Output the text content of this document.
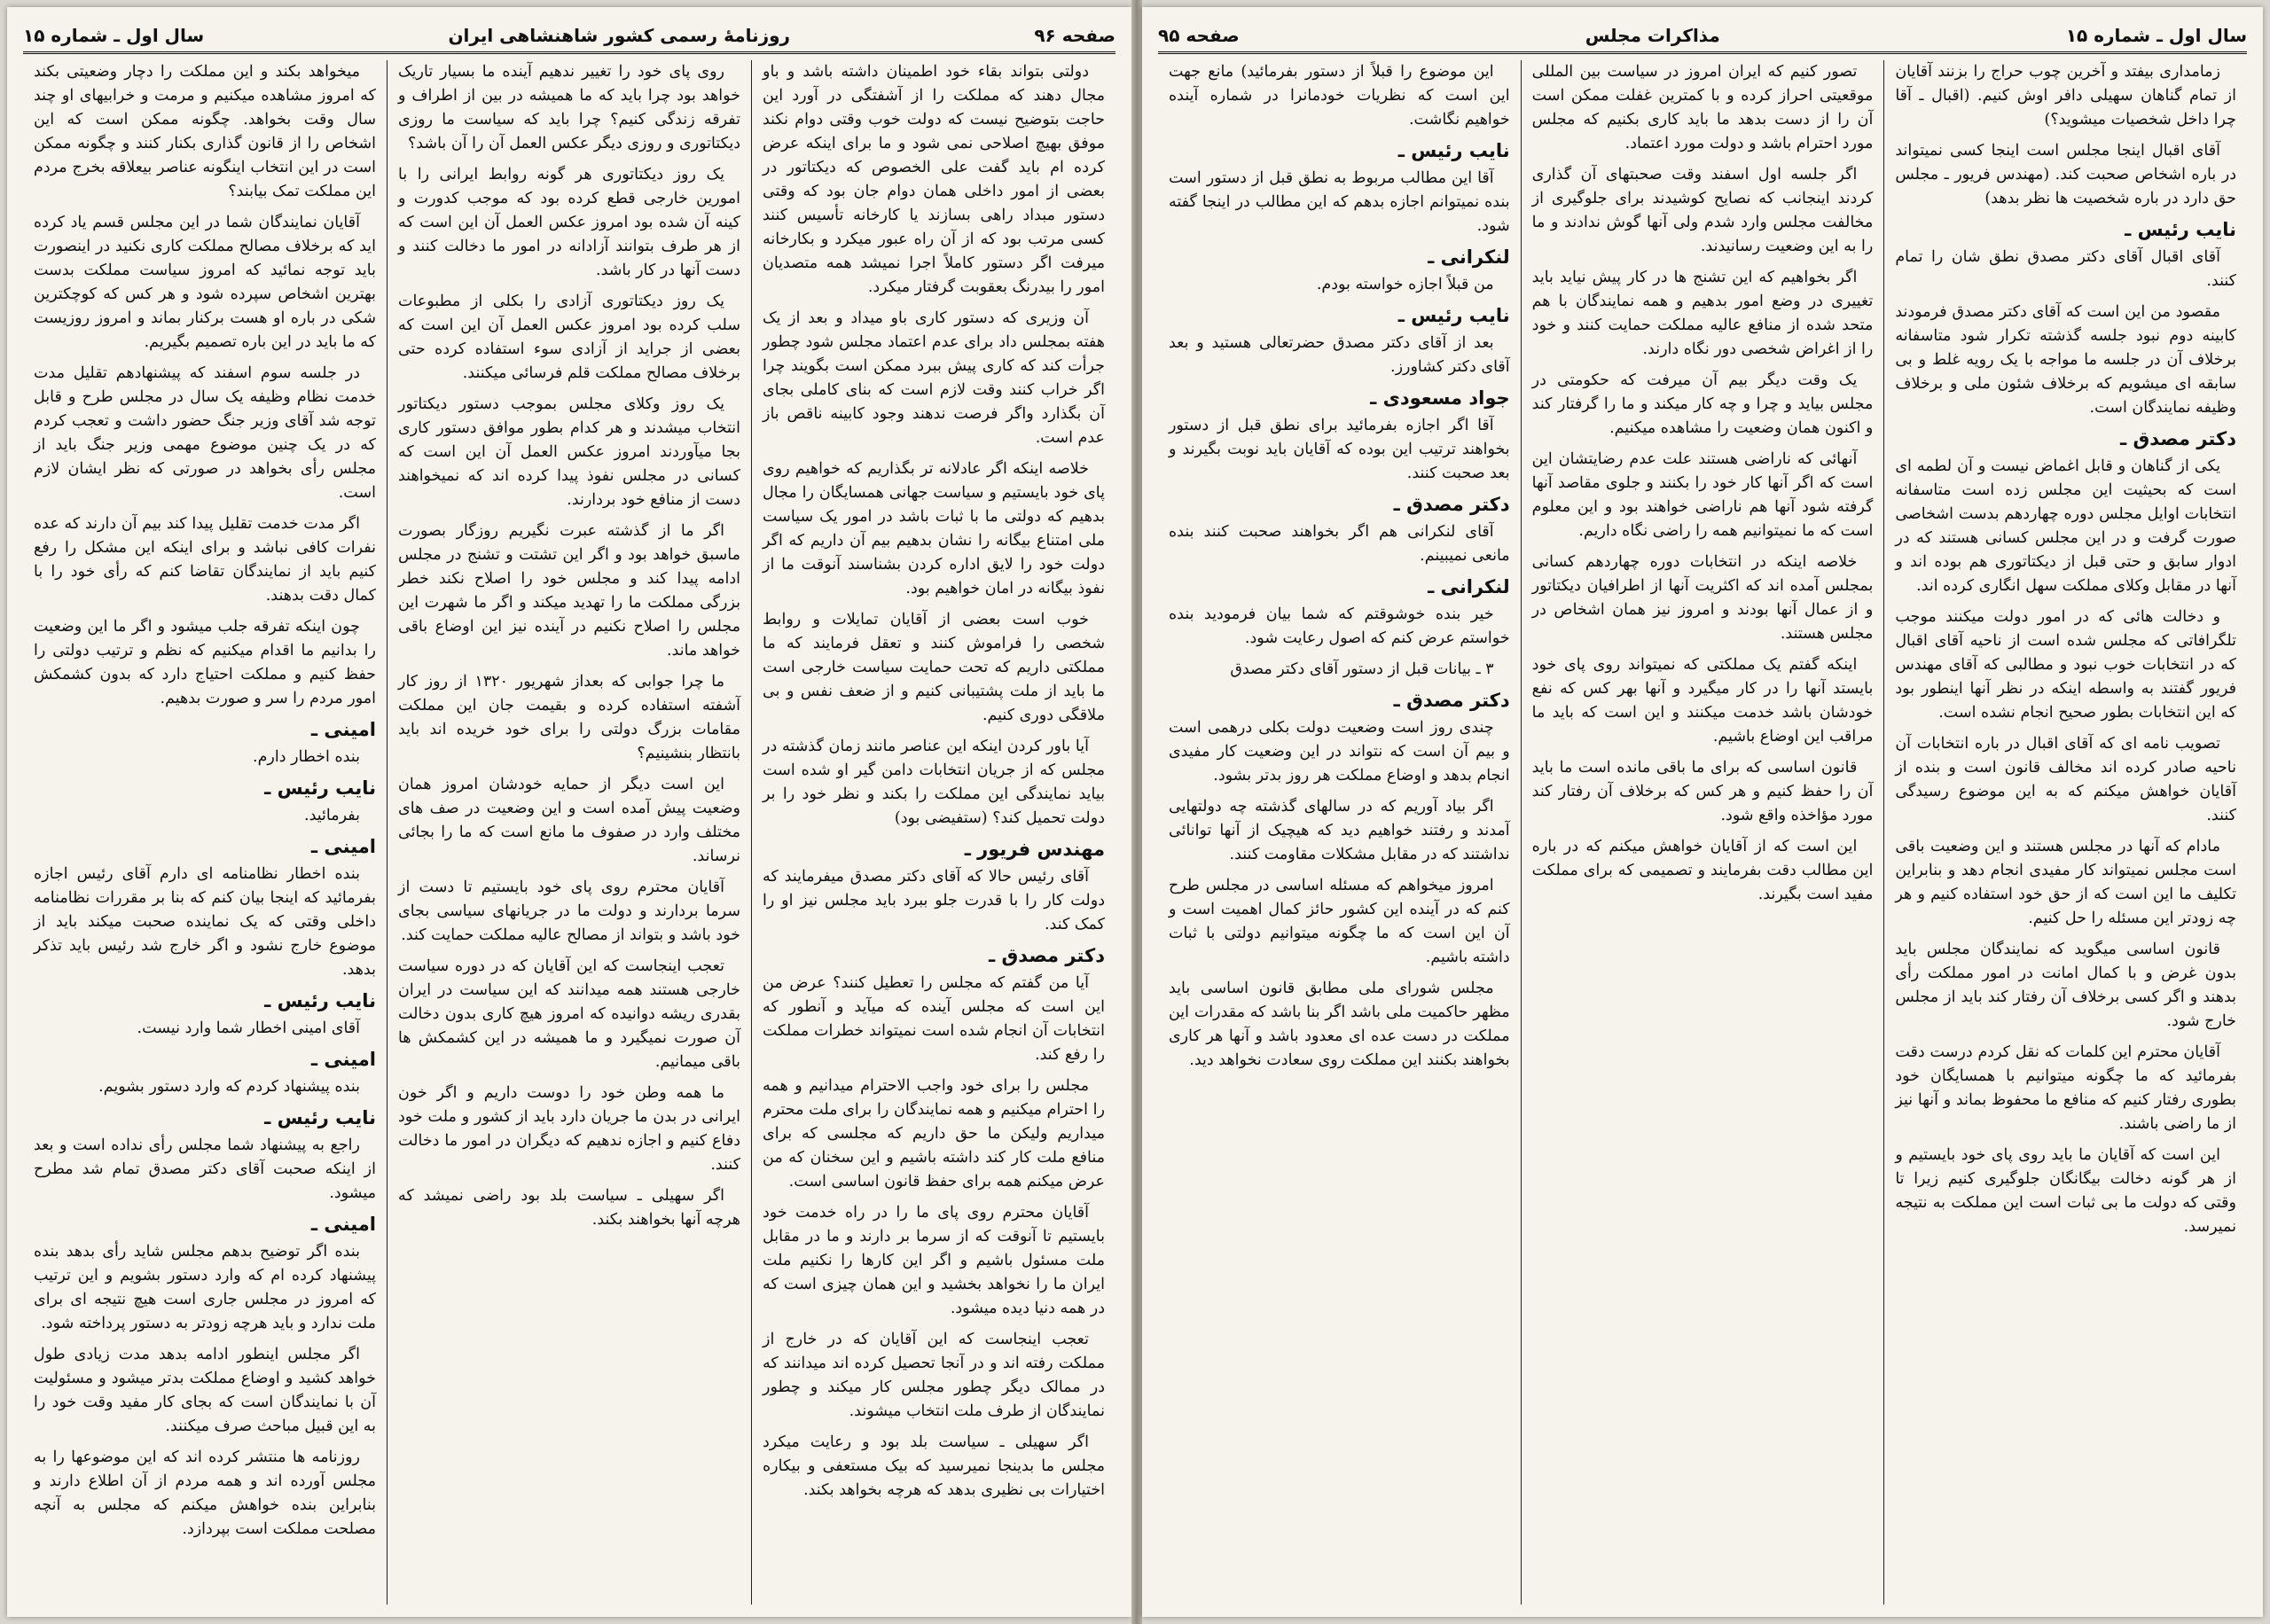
صفحه ۹۶
روزنامهٔ رسمی کشور شاهنشاهی ایران
سال اول ـ شماره ۱۵

دولتی بتواند بقاء خود اطمینان داشته باشد و باو مجال دهند که مملکت را از آشفتگی در آورد این حاجت بتوضیح نیست که دولت خوب وقتی دوام نکند موفق بهیچ اصلاحی نمی شود و ما برای اینکه عرض کرده ام باید گفت علی الخصوص که دیکتاتور در بعضی از امور داخلی همان دوام جان بود که وقتی دستور مبداد راهی بسازند یا کارخانه تأسیس کنند کسی مرتب بود که از آن راه عبور میکرد و بکارخانه میرفت اگر دستور کاملاً اجرا نمیشد همه متصدیان امور را بیدرنگ بعقوبت گرفتار میکرد.

آن وزیری که دستور کاری باو میداد و بعد از یک هفته بمجلس داد برای عدم اعتماد مجلس شود چطور جرأت کند که کاری پیش ببرد ممکن است بگویند چرا اگر خراب کنند وقت لازم است که بنای کاملی بجای آن بگذارد واگر فرصت ندهند وجود کابینه ناقص باز عدم است.

خلاصه اینکه اگر عادلانه تر بگذاریم که خواهیم روی پای خود بایستیم و سیاست جهانی همسایگان را مجال بدهیم که دولتی ما با ثبات باشد در امور یک سیاست ملی امتناع بیگانه را نشان بدهیم بیم آن داریم که اگر دولت خود را لایق اداره کردن بشناسند آنوقت ما از نفوذ بیگانه در امان خواهیم بود.

خوب است بعضی از آقایان تمایلات و روابط شخصی را فراموش کنند و تعقل فرمایند که ما مملکتی داریم که تحت حمایت سیاست خارجی است ما باید از ملت پشتیبانی کنیم و از ضعف نفس و بی ملاقگی دوری کنیم.

آیا باور کردن اینکه این عناصر مانند زمان گذشته در مجلس که از جریان انتخابات دامن گیر او شده است بیاید نمایندگی این مملکت را بکند و نظر خود را بر دولت تحمیل کند؟ (ستفیضی بود)

مهندس فریور ـ

آقای رئیس حالا که آقای دکتر مصدق میفرمایند که دولت کار را با قدرت جلو ببرد باید مجلس نیز او را کمک کند.

دکتر مصدق ـ

آیا من گفتم که مجلس را تعطیل کنند؟ عرض من این است که مجلس آینده که میآید و آنطور که انتخابات آن انجام شده است نمیتواند خطرات مملکت را رفع کند.

مجلس را برای خود واجب الاحترام میدانیم و همه را احترام میکنیم و همه نمایندگان را برای ملت محترم میداریم ولیکن ما حق داریم که مجلسی که برای منافع ملت کار کند داشته باشیم و این سخنان که من عرض میکنم همه برای حفظ قانون اساسی است.

آقایان محترم روی پای ما را در راه خدمت خود بایستیم تا آنوقت که از سرما بر دارند و ما در مقابل ملت مسئول باشیم و اگر این کارها را نکنیم ملت ایران ما را نخواهد بخشید و این همان چیزی است که در همه دنیا دیده میشود.

تعجب اینجاست که این آقایان که در خارج از مملکت رفته اند و در آنجا تحصیل کرده اند میدانند که در ممالک دیگر چطور مجلس کار میکند و چطور نمایندگان از طرف ملت انتخاب میشوند.

اگر سهیلی ـ سیاست بلد بود و رعایت میکرد مجلس ما بدینجا نمیرسید که بیک مستعفی و بیکاره اختیارات بی نظیری بدهد که هرچه بخواهد بکند.

روی پای خود را تغییر ندهیم آینده ما بسیار تاریک خواهد بود چرا باید که ما همیشه در بین از اطراف و تفرقه زندگی کنیم؟ چرا باید که سیاست ما روزی دیکتاتوری و روزی دیگر عکس العمل آن را آن باشد؟

یک روز دیکتاتوری هر گونه روابط ایرانی را با امورین خارجی قطع کرده بود که موجب کدورت و کینه آن شده بود امروز عکس العمل آن این است که از هر طرف بتوانند آزادانه در امور ما دخالت کنند و دست آنها در کار باشد.

یک روز دیکتاتوری آزادی را بکلی از مطبوعات سلب کرده بود امروز عکس العمل آن این است که بعضی از جراید از آزادی سوء استفاده کرده حتی برخلاف مصالح مملکت قلم فرسائی میکنند.

یک روز وکلای مجلس بموجب دستور دیکتاتور انتخاب میشدند و هر کدام بطور موافق دستور کاری بجا میآوردند امروز عکس العمل آن این است که کسانی در مجلس نفوذ پیدا کرده اند که نمیخواهند دست از منافع خود بردارند.

اگر ما از گذشته عبرت نگیریم روزگار بصورت ماسبق خواهد بود و اگر این تشتت و تشنج در مجلس ادامه پیدا کند و مجلس خود را اصلاح نکند خطر بزرگی مملکت ما را تهدید میکند و اگر ما شهرت این مجلس را اصلاح نکنیم در آینده نیز این اوضاع باقی خواهد ماند.

ما چرا جوابی که بعداز شهریور ۱۳۲۰ از روز کار آشفته استفاده کرده و بقیمت جان این مملکت مقامات بزرگ دولتی را برای خود خریده اند باید بانتظار بنشینیم؟

این است دیگر از حمایه خودشان امروز همان وضعیت پیش آمده است و این وضعیت در صف های مختلف وارد در صفوف ما مانع است که ما را بجائی نرساند.

آقایان محترم روی پای خود بایستیم تا دست از سرما بردارند و دولت ما در جریانهای سیاسی بجای خود باشد و بتواند از مصالح عالیه مملکت حمایت کند.

تعجب اینجاست که این آقایان که در دوره سیاست خارجی هستند همه میدانند که این سیاست در ایران بقدری ریشه دوانیده که امروز هیچ کاری بدون دخالت آن صورت نمیگیرد و ما همیشه در این کشمکش ها باقی میمانیم.

ما همه وطن خود را دوست داریم و اگر خون ایرانی در بدن ما جریان دارد باید از کشور و ملت خود دفاع کنیم و اجازه ندهیم که دیگران در امور ما دخالت کنند.

اگر سهیلی ـ سیاست بلد بود راضی نمیشد که هرچه آنها بخواهند بکند.

میخواهد بکند و این مملکت را دچار وضعیتی بکند که امروز مشاهده میکنیم و مرمت و خرابیهای او چند سال وقت بخواهد. چگونه ممکن است که این اشخاص را از قانون گذاری بکنار کنند و چگونه ممکن است در این انتخاب اینگونه عناصر بیعلاقه بخرج مردم این مملکت تمک بیابند؟

آقایان نمایندگان شما در این مجلس قسم یاد کرده اید که برخلاف مصالح مملکت کاری نکنید در اینصورت باید توجه نمائید که امروز سیاست مملکت بدست بهترین اشخاص سپرده شود و هر کس که کوچکترین شکی در باره او هست برکنار بماند و امروز روزیست که ما باید در این باره تصمیم بگیریم.

در جلسه سوم اسفند که پیشنهادهم تقلیل مدت خدمت نظام وظیفه یک سال در مجلس طرح و قابل توجه شد آقای وزیر جنگ حضور داشت و تعجب کردم که در یک چنین موضوع مهمی وزیر جنگ باید از مجلس رأی بخواهد در صورتی که نظر ایشان لازم است.

اگر مدت خدمت تقلیل پیدا کند بیم آن دارند که عده نفرات کافی نباشد و برای اینکه این مشکل را رفع کنیم باید از نمایندگان تقاضا کنم که رأی خود را با کمال دقت بدهند.

چون اینکه تفرقه جلب میشود و اگر ما این وضعیت را بدانیم ما اقدام میکنیم که نظم و ترتیب دولتی را حفظ کنیم و مملکت احتیاج دارد که بدون کشمکش امور مردم را سر و صورت بدهیم.

امینی ـ

بنده اخطار دارم.

نایب رئیس ـ

بفرمائید.

امینی ـ

بنده اخطار نظامنامه ای دارم آقای رئیس اجازه بفرمائید که اینجا بیان کنم که بنا بر مقررات نظامنامه داخلی وقتی که یک نماینده صحبت میکند باید از موضوع خارج نشود و اگر خارج شد رئیس باید تذکر بدهد.

نایب رئیس ـ

آقای امینی اخطار شما وارد نیست.

امینی ـ

بنده پیشنهاد کردم که وارد دستور بشویم.

نایب رئیس ـ

راجع به پیشنهاد شما مجلس رأی نداده است و بعد از اینکه صحبت آقای دکتر مصدق تمام شد مطرح میشود.

امینی ـ

بنده اگر توضیح بدهم مجلس شاید رأی بدهد بنده پیشنهاد کرده ام که وارد دستور بشویم و این ترتیب که امروز در مجلس جاری است هیچ نتیجه ای برای ملت ندارد و باید هرچه زودتر به دستور پرداخته شود.

اگر مجلس اینطور ادامه بدهد مدت زیادی طول خواهد کشید و اوضاع مملکت بدتر میشود و مسئولیت آن با نمایندگان است که بجای کار مفید وقت خود را به این قبیل مباحث صرف میکنند.

روزنامه ها منتشر کرده اند که این موضوعها را به مجلس آورده اند و همه مردم از آن اطلاع دارند و بنابراین بنده خواهش میکنم که مجلس به آنچه مصلحت مملکت است بپردازد.

سال اول ـ شماره ۱۵
مذاکرات مجلس
صفحه ۹۵

زمامداری بیفتد و آخرین چوب حراج را بزنند آقایان از تمام گناهان سهیلی دافر اوش کنیم. (اقبال ـ آقا چرا داخل شخصیات میشوید؟)

آقای اقبال اینجا مجلس است اینجا کسی نمیتواند در باره اشخاص صحبت کند. (مهندس فریور ـ مجلس حق دارد در باره شخصیت ها نظر بدهد)

نایب رئیس ـ

آقای اقبال آقای دکتر مصدق نطق شان را تمام کنند.

مقصود من این است که آقای دکتر مصدق فرمودند کابینه دوم نبود جلسه گذشته تکرار شود متاسفانه برخلاف آن در جلسه ما مواجه با یک رویه غلط و بی سابقه ای میشویم که برخلاف شئون ملی و برخلاف وظیفه نمایندگان است.

دکتر مصدق ـ

یکی از گناهان و قابل اغماض نیست و آن لطمه ای است که بحیثیت این مجلس زده است متاسفانه انتخابات اوایل مجلس دوره چهاردهم بدست اشخاصی صورت گرفت و در این مجلس کسانی هستند که در ادوار سابق و حتی قبل از دیکتاتوری هم بوده اند و آنها در مقابل وکلای مملکت سهل انگاری کرده اند.

و دخالت هائی که در امور دولت میکنند موجب تلگرافاتی که مجلس شده است از ناحیه آقای اقبال که در انتخابات خوب نبود و مطالبی که آقای مهندس فریور گفتند به واسطه اینکه در نظر آنها اینطور بود که این انتخابات بطور صحیح انجام نشده است.

تصویب نامه ای که آقای اقبال در باره انتخابات آن ناحیه صادر کرده اند مخالف قانون است و بنده از آقایان خواهش میکنم که به این موضوع رسیدگی کنند.

مادام که آنها در مجلس هستند و این وضعیت باقی است مجلس نمیتواند کار مفیدی انجام دهد و بنابراین تکلیف ما این است که از حق خود استفاده کنیم و هر چه زودتر این مسئله را حل کنیم.

قانون اساسی میگوید که نمایندگان مجلس باید بدون غرض و با کمال امانت در امور مملکت رأی بدهند و اگر کسی برخلاف آن رفتار کند باید از مجلس خارج شود.

آقایان محترم این کلمات که نقل کردم درست دقت بفرمائید که ما چگونه میتوانیم با همسایگان خود بطوری رفتار کنیم که منافع ما محفوظ بماند و آنها نیز از ما راضی باشند.

این است که آقایان ما باید روی پای خود بایستیم و از هر گونه دخالت بیگانگان جلوگیری کنیم زیرا تا وقتی که دولت ما بی ثبات است این مملکت به نتیجه نمیرسد.

تصور کنیم که ایران امروز در سیاست بین المللی موقعیتی احراز کرده و با کمترین غفلت ممکن است آن را از دست بدهد ما باید کاری بکنیم که مجلس مورد احترام باشد و دولت مورد اعتماد.

اگر جلسه اول اسفند وقت صحبتهای آن گذاری کردند اینجانب که نصایح کوشیدند برای جلوگیری از مخالفت مجلس وارد شدم ولی آنها گوش ندادند و ما را به این وضعیت رسانیدند.

اگر بخواهیم که این تشنج ها در کار پیش نیاید باید تغییری در وضع امور بدهیم و همه نمایندگان با هم متحد شده از منافع عالیه مملکت حمایت کنند و خود را از اغراض شخصی دور نگاه دارند.

یک وقت دیگر بیم آن میرفت که حکومتی در مجلس بیاید و چرا و چه کار میکند و ما را گرفتار کند و اکنون همان وضعیت را مشاهده میکنیم.

آنهائی که ناراضی هستند علت عدم رضایتشان این است که اگر آنها کار خود را بکنند و جلوی مقاصد آنها گرفته شود آنها هم ناراضی خواهند بود و این معلوم است که ما نمیتوانیم همه را راضی نگاه داریم.

خلاصه اینکه در انتخابات دوره چهاردهم کسانی بمجلس آمده اند که اکثریت آنها از اطرافیان دیکتاتور و از عمال آنها بودند و امروز نیز همان اشخاص در مجلس هستند.

اینکه گفتم یک مملکتی که نمیتواند روی پای خود بایستد آنها را در کار میگیرد و آنها بهر کس که نفع خودشان باشد خدمت میکنند و این است که باید ما مراقب این اوضاع باشیم.

قانون اساسی که برای ما باقی مانده است ما باید آن را حفظ کنیم و هر کس که برخلاف آن رفتار کند مورد مؤاخذه واقع شود.

این است که از آقایان خواهش میکنم که در باره این مطالب دقت بفرمایند و تصمیمی که برای مملکت مفید است بگیرند.

این موضوع را قبلاً از دستور بفرمائید) مانع جهت این است که نظریات خودمانرا در شماره آینده خواهیم نگاشت.

نایب رئیس ـ

آقا این مطالب مربوط به نطق قبل از دستور است بنده نمیتوانم اجازه بدهم که این مطالب در اینجا گفته شود.

لنکرانی ـ

من قبلاً اجازه خواسته بودم.

نایب رئیس ـ

بعد از آقای دکتر مصدق حضرتعالی هستید و بعد آقای دکتر کشاورز.

جواد مسعودی ـ

آقا اگر اجازه بفرمائید برای نطق قبل از دستور بخواهند ترتیب این بوده که آقایان باید نوبت بگیرند و بعد صحبت کنند.

دکتر مصدق ـ

آقای لنکرانی هم اگر بخواهند صحبت کنند بنده مانعی نمیبینم.

لنکرانی ـ

خیر بنده خوشوقتم که شما بیان فرمودید بنده خواستم عرض کنم که اصول رعایت شود.

۳ ـ بیانات قبل از دستور آقای دکتر مصدق

دکتر مصدق ـ

چندی روز است وضعیت دولت بکلی درهمی است و بیم آن است که نتواند در این وضعیت کار مفیدی انجام بدهد و اوضاع مملکت هر روز بدتر بشود.

اگر بیاد آوریم که در سالهای گذشته چه دولتهایی آمدند و رفتند خواهیم دید که هیچیک از آنها توانائی نداشتند که در مقابل مشکلات مقاومت کنند.

امروز میخواهم که مسئله اساسی در مجلس طرح کنم که در آینده این کشور حائز کمال اهمیت است و آن این است که ما چگونه میتوانیم دولتی با ثبات داشته باشیم.

مجلس شورای ملی مطابق قانون اساسی باید مظهر حاکمیت ملی باشد اگر بنا باشد که مقدرات این مملکت در دست عده ای معدود باشد و آنها هر کاری بخواهند بکنند این مملکت روی سعادت نخواهد دید.
